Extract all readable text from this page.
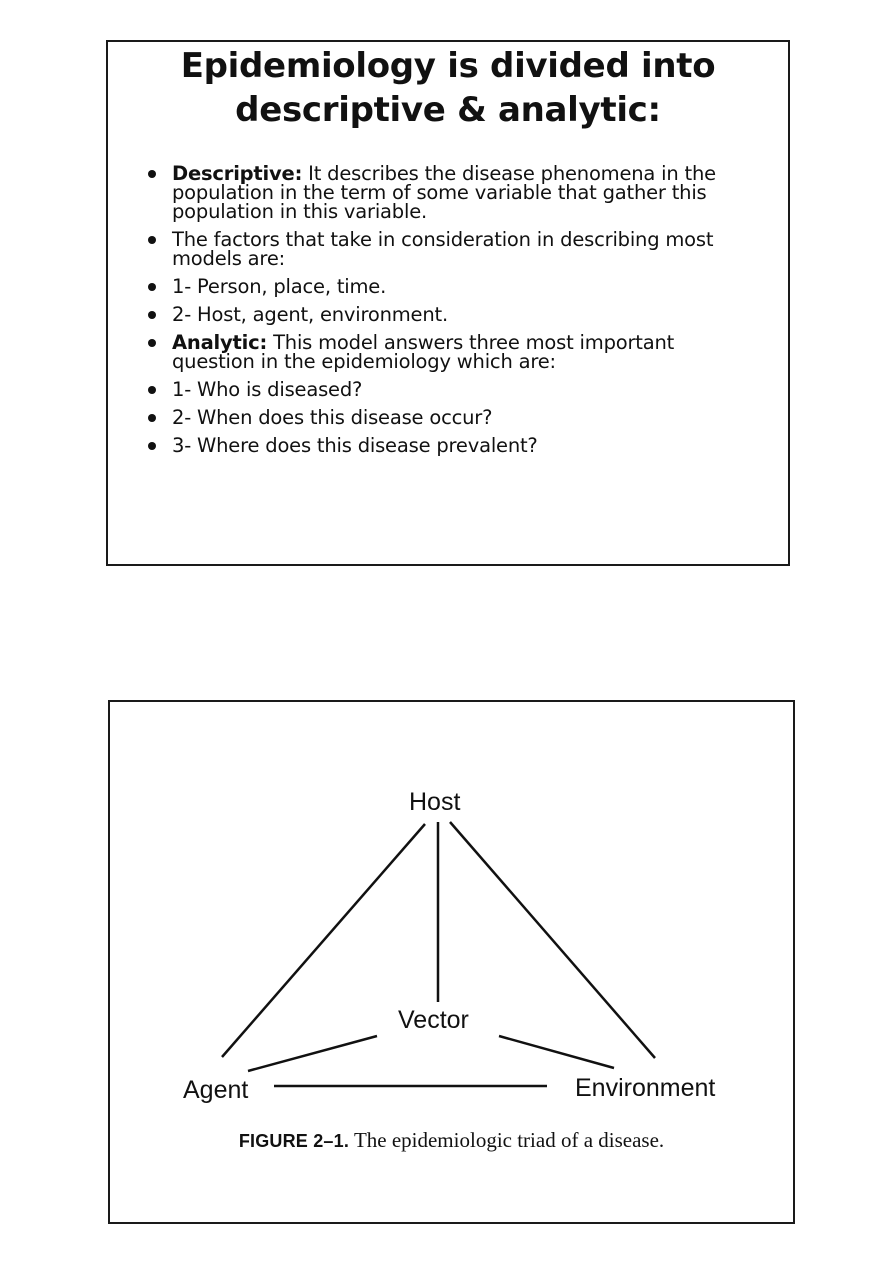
Epidemiology is divided into
descriptive & analytic:
Descriptive: It describes the disease phenomena in the population in the term of some variable that gather this population in this variable.
The factors that take in consideration in describing most models are:
1- Person, place, time.
2- Host, agent, environment.
Analytic: This model answers three most important question in the epidemiology which are:
1- Who is diseased?
2- When does this disease occur?
3- Where does this disease prevalent?
Host
Vector
Agent	Environment
FIGURE 2–1. The epidemiologic triad of a disease.
